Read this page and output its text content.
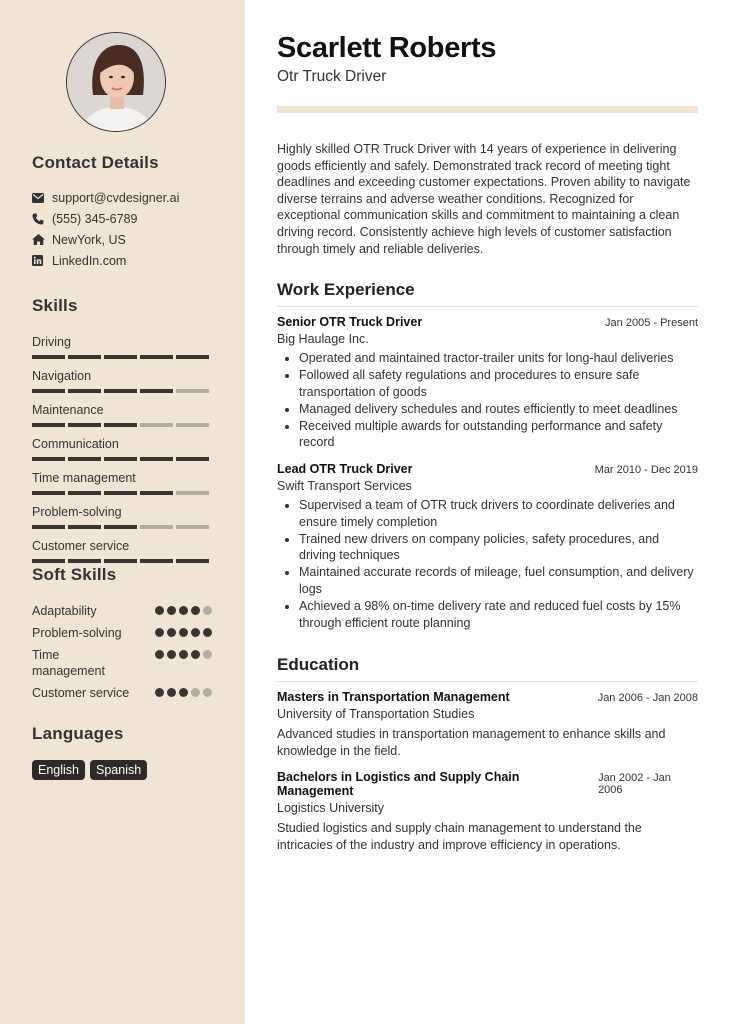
Contact Details
support@cvdesigner.ai
(555) 345-6789
NewYork, US
LinkedIn.com
Skills
Driving
Navigation
Maintenance
Communication
Time management
Problem-solving
Customer service
Soft Skills
Adaptability
Problem-solving
Time management
Customer service
Languages
English	Spanish
Scarlett Roberts
Otr Truck Driver
Highly skilled OTR Truck Driver with 14 years of experience in delivering goods efficiently and safely. Demonstrated track record of meeting tight deadlines and exceeding customer expectations. Proven ability to navigate diverse terrains and adverse weather conditions. Recognized for exceptional communication skills and commitment to maintaining a clean driving record. Consistently achieve high levels of customer satisfaction through timely and reliable deliveries.
Work Experience
Senior OTR Truck Driver	Jan 2005 - Present
Big Haulage Inc.
• Operated and maintained tractor-trailer units for long-haul deliveries
• Followed all safety regulations and procedures to ensure safe transportation of goods
• Managed delivery schedules and routes efficiently to meet deadlines
• Received multiple awards for outstanding performance and safety record
Lead OTR Truck Driver	Mar 2010 - Dec 2019
Swift Transport Services
• Supervised a team of OTR truck drivers to coordinate deliveries and ensure timely completion
• Trained new drivers on company policies, safety procedures, and driving techniques
• Maintained accurate records of mileage, fuel consumption, and delivery logs
• Achieved a 98% on-time delivery rate and reduced fuel costs by 15% through efficient route planning
Education
Masters in Transportation Management	Jan 2006 - Jan 2008
University of Transportation Studies
Advanced studies in transportation management to enhance skills and knowledge in the field.
Bachelors in Logistics and Supply Chain Management
Jan 2002 - Jan 2006
Logistics University
Studied logistics and supply chain management to understand the intricacies of the industry and improve efficiency in operations.
